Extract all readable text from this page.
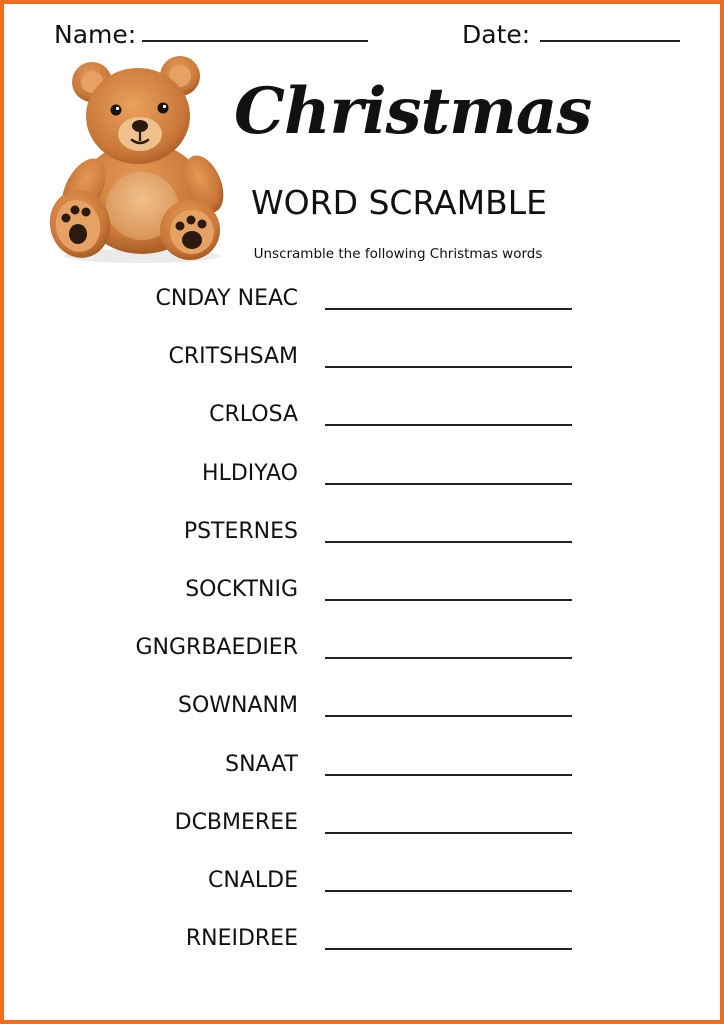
Name:	Date:
Christmas
WORD SCRAMBLE
Unscramble the following Christmas words
CNDAY NEAC
CRITSHSAM
CRLOSA
HLDIYAO
PSTERNES
SOCKTNIG
GNGRBAEDIER
SOWNANM
SNAAT
DCBMEREE
CNALDE
RNEIDREE
